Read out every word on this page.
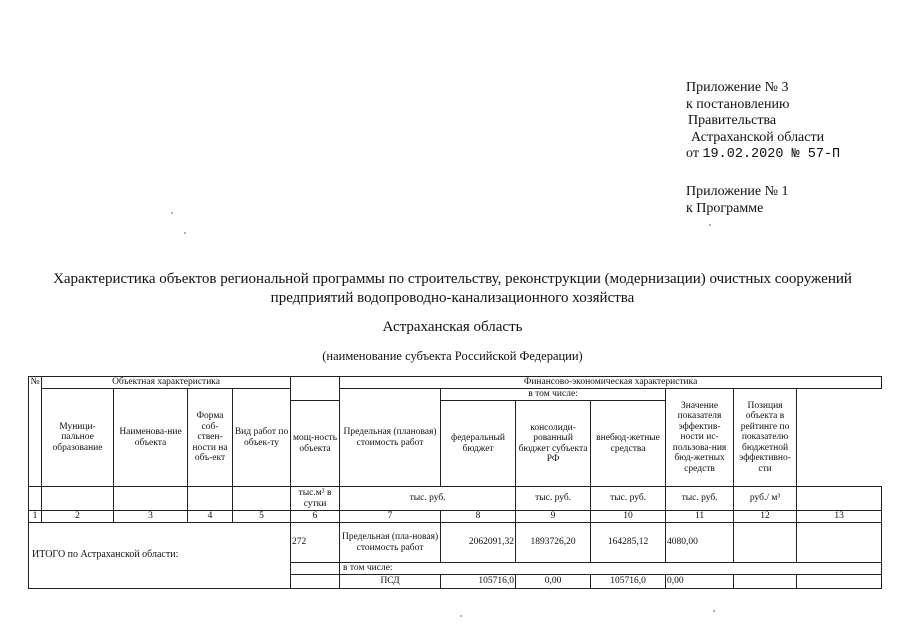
Приложение № 3
к постановлению
Правительства
Астраханской области
от 19.02.2020 № 57-П
Приложение № 1
к Программе
Характеристика объектов региональной программы по строительству, реконструкции (модернизации) очистных сооружений
предприятий водопроводно-канализационного хозяйства
Астраханская область
(наименование субъекта Российской Федерации)
№	Объектная характеристика					Финансово-экономическая характеристика						
	Муници-пальное образование	Наименова-ние объекта	Форма соб-ствен-ности на объ-ект	Вид работ по объек-ту		Предельная (плановая) стоимость работ	в том числе:			Значение показателя эффектив-ности ис-пользова-ния бюд-жетных средств	Позиция объекта в рейтинге по показателю бюджетной эффективно-сти	
					мощ-ность объекта		федеральный бюджет	консолиди-рованный бюджет субъекта РФ	внебюд-жетные средства			
					тыс.м³ в сутки	тыс. руб.		тыс. руб.	тыс. руб.	тыс. руб.	руб./ м³	
1	2	3	4	5	6	7	8	9	10	11	12	13
ИТОГО по Астраханской области:					272	Предельная (пла-новая) стоимость работ	2062091,32	1893726,20	164285,12	4080,00		
						в том числе:						
						ПСД	105716,0	0,00	105716,0	0,00		
